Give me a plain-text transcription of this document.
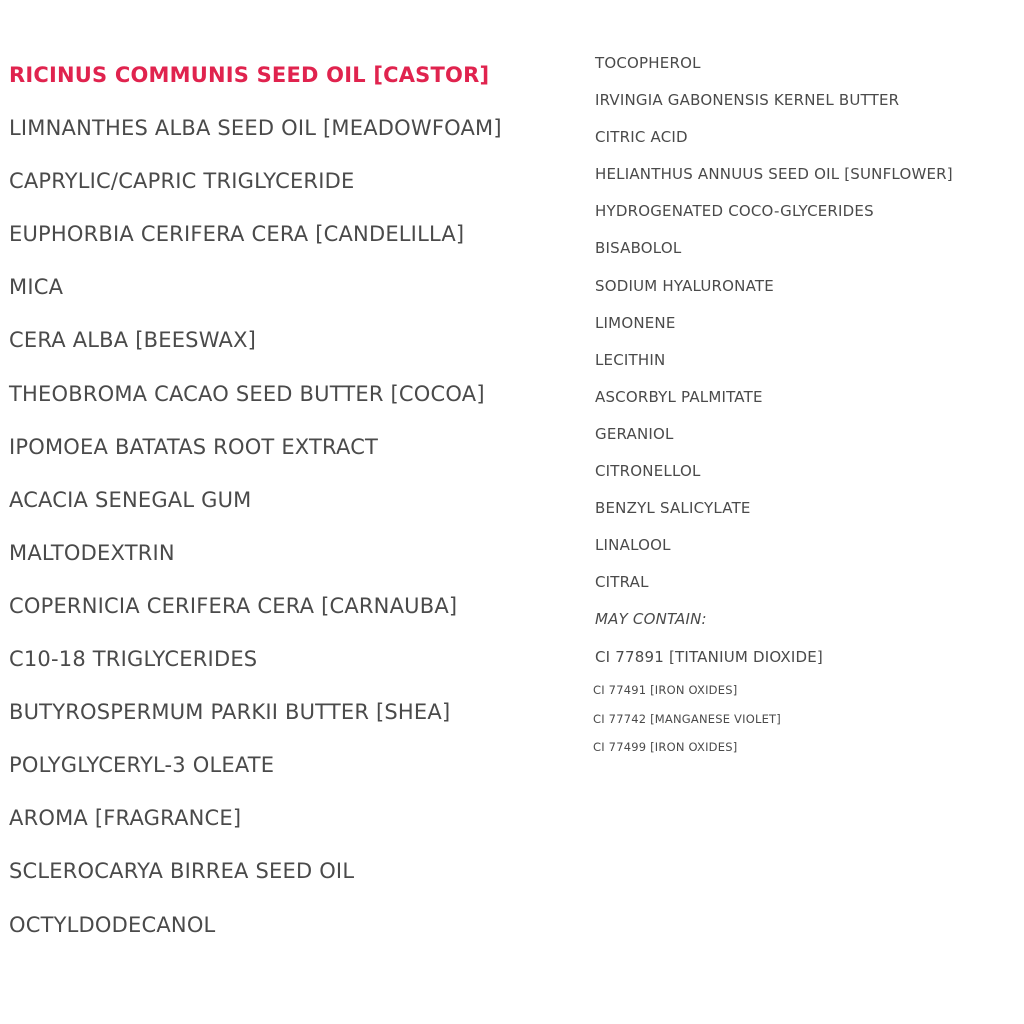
RICINUS COMMUNIS SEED OIL [CASTOR]
LIMNANTHES ALBA SEED OIL [MEADOWFOAM]
CAPRYLIC/CAPRIC TRIGLYCERIDE
EUPHORBIA CERIFERA CERA [CANDELILLA]
MICA
CERA ALBA [BEESWAX]
THEOBROMA CACAO SEED BUTTER [COCOA]
IPOMOEA BATATAS ROOT EXTRACT
ACACIA SENEGAL GUM
MALTODEXTRIN
COPERNICIA CERIFERA CERA [CARNAUBA]
C10-18 TRIGLYCERIDES
BUTYROSPERMUM PARKII BUTTER [SHEA]
POLYGLYCERYL-3 OLEATE
AROMA [FRAGRANCE]
SCLEROCARYA BIRREA SEED OIL
OCTYLDODECANOL
TOCOPHEROL
IRVINGIA GABONENSIS KERNEL BUTTER
CITRIC ACID
HELIANTHUS ANNUUS SEED OIL [SUNFLOWER]
HYDROGENATED COCO-GLYCERIDES
BISABOLOL
SODIUM HYALURONATE
LIMONENE
LECITHIN
ASCORBYL PALMITATE
GERANIOL
CITRONELLOL
BENZYL SALICYLATE
LINALOOL
CITRAL
MAY CONTAIN:
CI 77891 [TITANIUM DIOXIDE]
CI 77491 [IRON OXIDES]
CI 77742 [MANGANESE VIOLET]
CI 77499 [IRON OXIDES]
